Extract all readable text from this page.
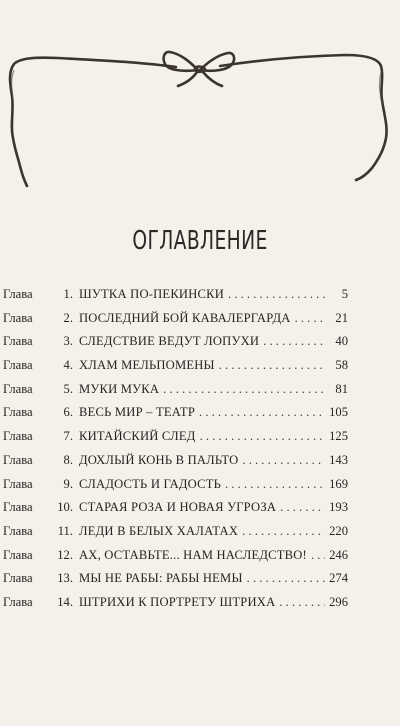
ОГЛАВЛЕНИЕ
Глава	1. ШУТКА ПО-ПЕКИНСКИ . . .	5
Глава	2. ПОСЛЕДНИЙ БОЙ КАВАЛЕРГАРДА . . .	21
Глава	3. СЛЕДСТВИЕ ВЕДУТ ЛОПУХИ . . .	40
Глава	4. ХЛАМ МЕЛЬПОМЕНЫ . . .	58
Глава	5. МУКИ МУКА . . .	81
Глава	6. ВЕСЬ МИР – ТЕАТР . . .	105
Глава	7. КИТАЙСКИЙ СЛЕД . . .	125
Глава	8. ДОХЛЫЙ КОНЬ В ПАЛЬТО . . .	143
Глава	9. СЛАДОСТЬ И ГАДОСТЬ . . .	169
Глава	10. СТАРАЯ РОЗА И НОВАЯ УГРОЗА . . .	193
Глава	11. ЛЕДИ В БЕЛЫХ ХАЛАТАХ . . .	220
Глава	12. АХ, ОСТАВЬТЕ... НАМ НАСЛЕДСТВО! . . . 246
Глава	13. МЫ НЕ РАБЫ: РАБЫ НЕМЫ . . .	274
Глава	14. ШТРИХИ К ПОРТРЕТУ ШТРИХА . . .	296
